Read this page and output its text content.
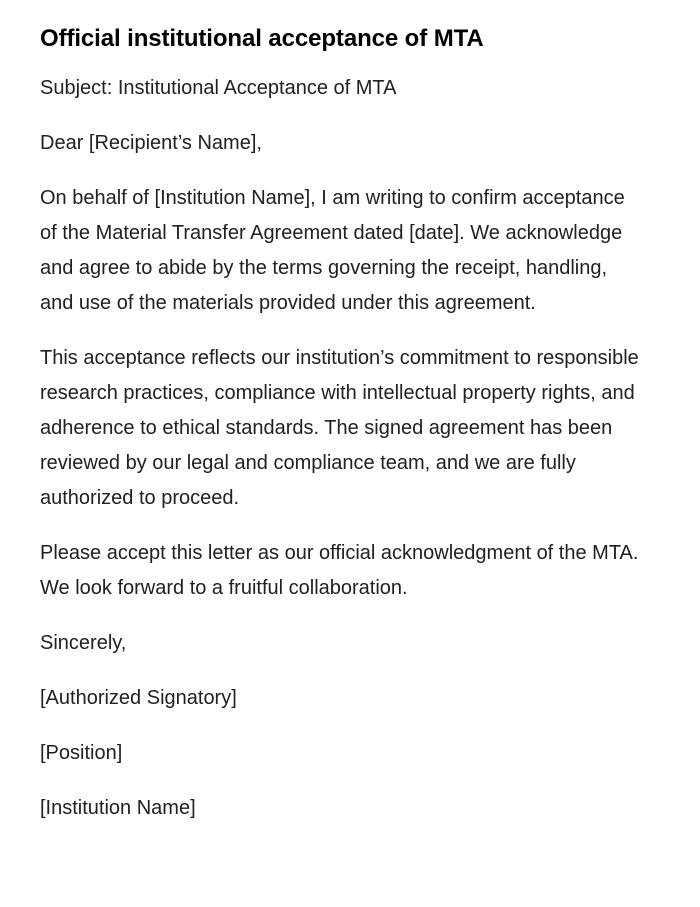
Official institutional acceptance of MTA

Subject: Institutional Acceptance of MTA

Dear [Recipient’s Name],

On behalf of [Institution Name], I am writing to confirm acceptance of the Material Transfer Agreement dated [date]. We acknowledge and agree to abide by the terms governing the receipt, handling, and use of the materials provided under this agreement.

This acceptance reflects our institution’s commitment to responsible research practices, compliance with intellectual property rights, and adherence to ethical standards. The signed agreement has been reviewed by our legal and compliance team, and we are fully authorized to proceed.

Please accept this letter as our official acknowledgment of the MTA. We look forward to a fruitful collaboration.

Sincerely,

[Authorized Signatory]

[Position]

[Institution Name]
